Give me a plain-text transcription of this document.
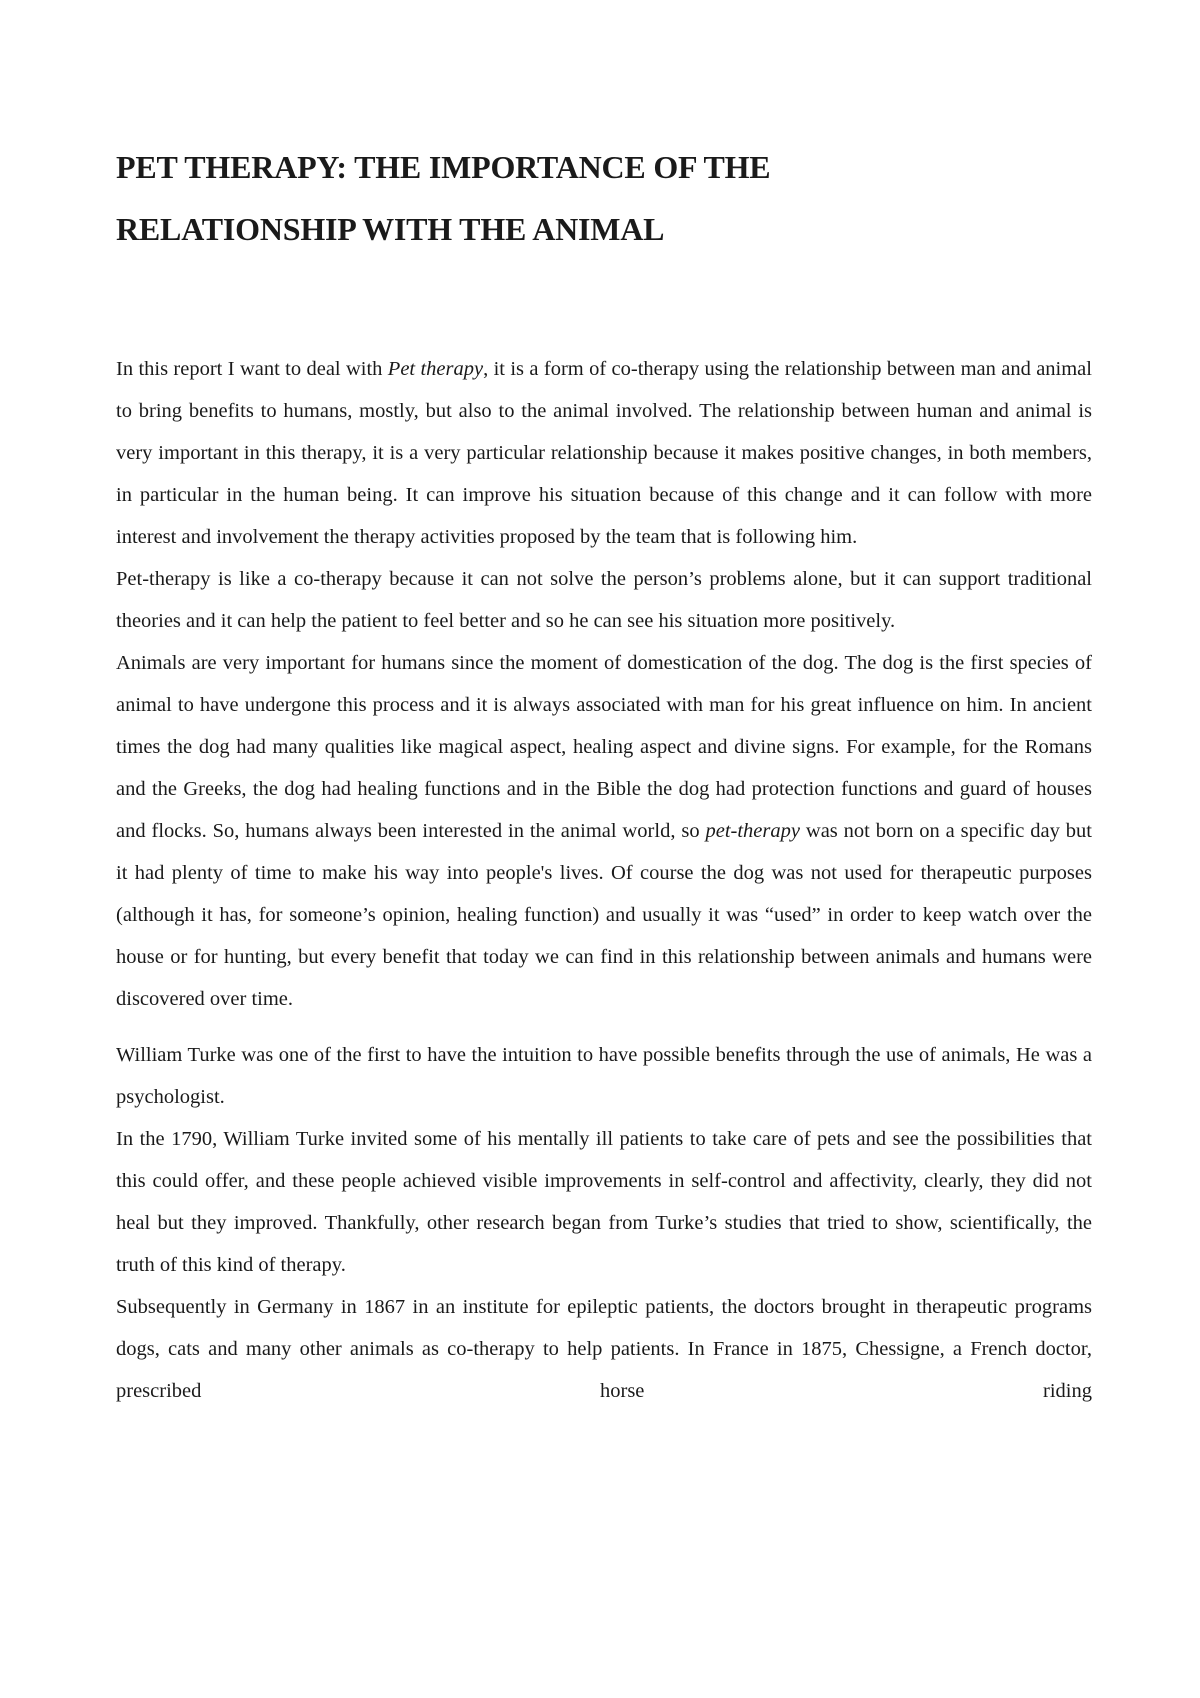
PET THERAPY: THE IMPORTANCE OF THE
RELATIONSHIP WITH THE ANIMAL

In this report I want to deal with Pet therapy, it is a form of co-therapy using the relationship between man and animal to bring benefits to humans, mostly, but also to the animal involved. The relationship between human and animal is very important in this therapy, it is a very particular relationship because it makes positive changes, in both members, in particular in the human being. It can improve his situation because of this change and it can follow with more interest and involvement the therapy activities proposed by the team that is following him.

Pet-therapy is like a co-therapy because it can not solve the person’s problems alone, but it can support traditional theories and it can help the patient to feel better and so he can see his situation more positively.

Animals are very important for humans since the moment of domestication of the dog. The dog is the first species of animal to have undergone this process and it is always associated with man for his great influence on him. In ancient times the dog had many qualities like magical aspect, healing aspect and divine signs. For example, for the Romans and the Greeks, the dog had healing functions and in the Bible the dog had protection functions and guard of houses and flocks. So, humans always been interested in the animal world, so pet-therapy was not born on a specific day but it had plenty of time to make his way into people's lives. Of course the dog was not used for therapeutic purposes (although it has, for someone’s opinion, healing function) and usually it was “used” in order to keep watch over the house or for hunting, but every benefit that today we can find in this relationship between animals and humans were discovered over time.

William Turke was one of the first to have the intuition to have possible benefits through the use of animals, He was a psychologist.

In the 1790, William Turke invited some of his mentally ill patients to take care of pets and see the possibilities that this could offer, and these people achieved visible improvements in self-control and affectivity, clearly, they did not heal but they improved. Thankfully, other research began from Turke’s studies that tried to show, scientifically, the truth of this kind of therapy.

Subsequently in Germany in 1867 in an institute for epileptic patients, the doctors brought in therapeutic programs dogs, cats and many other animals as co-therapy to help patients. In France in 1875, Chessigne, a French doctor, prescribed horse riding
